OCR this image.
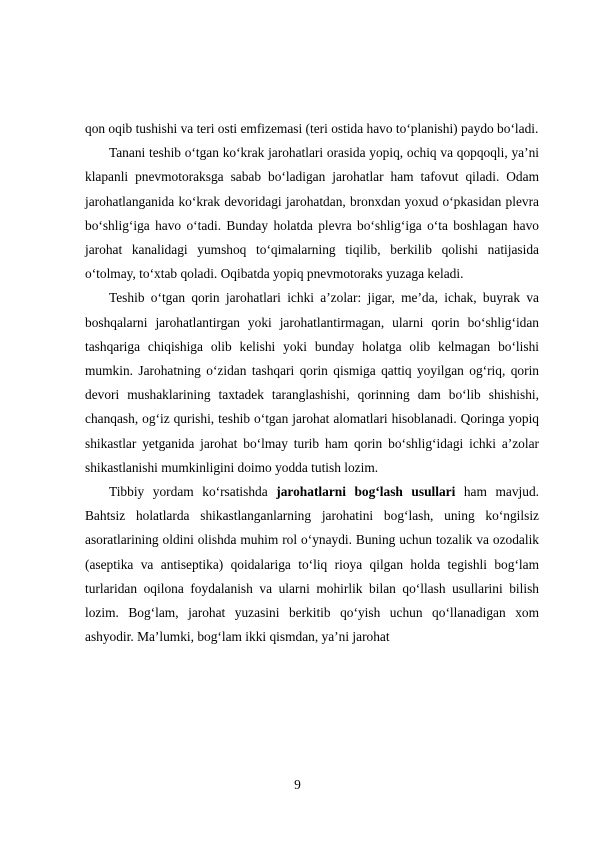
qon oqib tushishi va teri osti emfizemasi (teri ostida havo to‘planishi) paydo bo‘ladi.

Tanani teshib o‘tgan ko‘krak jarohatlari orasida yopiq, ochiq va qopqoqli, ya’ni klapanli pnevmotoraksga sabab bo‘ladigan jarohatlar ham tafovut qiladi. Odam jarohatlanganida ko‘krak devoridagi jarohatdan, bronxdan yoxud o‘pkasidan plevra bo‘shlig‘iga havo o‘tadi. Bunday holatda plevra bo‘shlig‘iga o‘ta boshlagan havo jarohat kanalidagi yumshoq to‘qimalarning tiqilib, berkilib qolishi natijasida o‘tolmay, to‘xtab qoladi. Oqibatda yopiq pnevmotoraks yuzaga keladi.

Teshib o‘tgan qorin jarohatlari ichki a’zolar: jigar, me’da, ichak, buyrak va boshqalarni jarohatlantirgan yoki jarohatlantirmagan, ularni qorin bo‘shlig‘idan tashqariga chiqishiga olib kelishi yoki bunday holatga olib kelmagan bo‘lishi mumkin. Jarohatning o‘zidan tashqari qorin qismiga qattiq yoyilgan og‘riq, qorin devori mushaklarining taxtadek taranglashishi, qorinning dam bo‘lib shishishi, chanqash, og‘iz qurishi, teshib o‘tgan jarohat alomatlari hisoblanadi. Qoringa yopiq shikastlar yetganida jarohat bo‘lmay turib ham qorin bo‘shlig‘idagi ichki a’zolar shikastlanishi mumkinligini doimo yodda tutish lozim.

Tibbiy yordam ko‘rsatishda jarohatlarni bog‘lash usullari ham mavjud. Bahtsiz holatlarda shikastlanganlarning jarohatini bog‘lash, uning ko‘ngilsiz asoratlarining oldini olishda muhim rol o‘ynaydi. Buning uchun tozalik va ozodalik (aseptika va antiseptika) qoidalariga to‘liq rioya qilgan holda tegishli bog‘lam turlaridan oqilona foydalanish va ularni mohirlik bilan qo‘llash usullarini bilish lozim. Bog‘lam, jarohat yuzasini berkitib qo‘yish uchun qo‘llanadigan xom ashyodir. Ma’lumki, bog‘lam ikki qismdan, ya’ni jarohat

9
